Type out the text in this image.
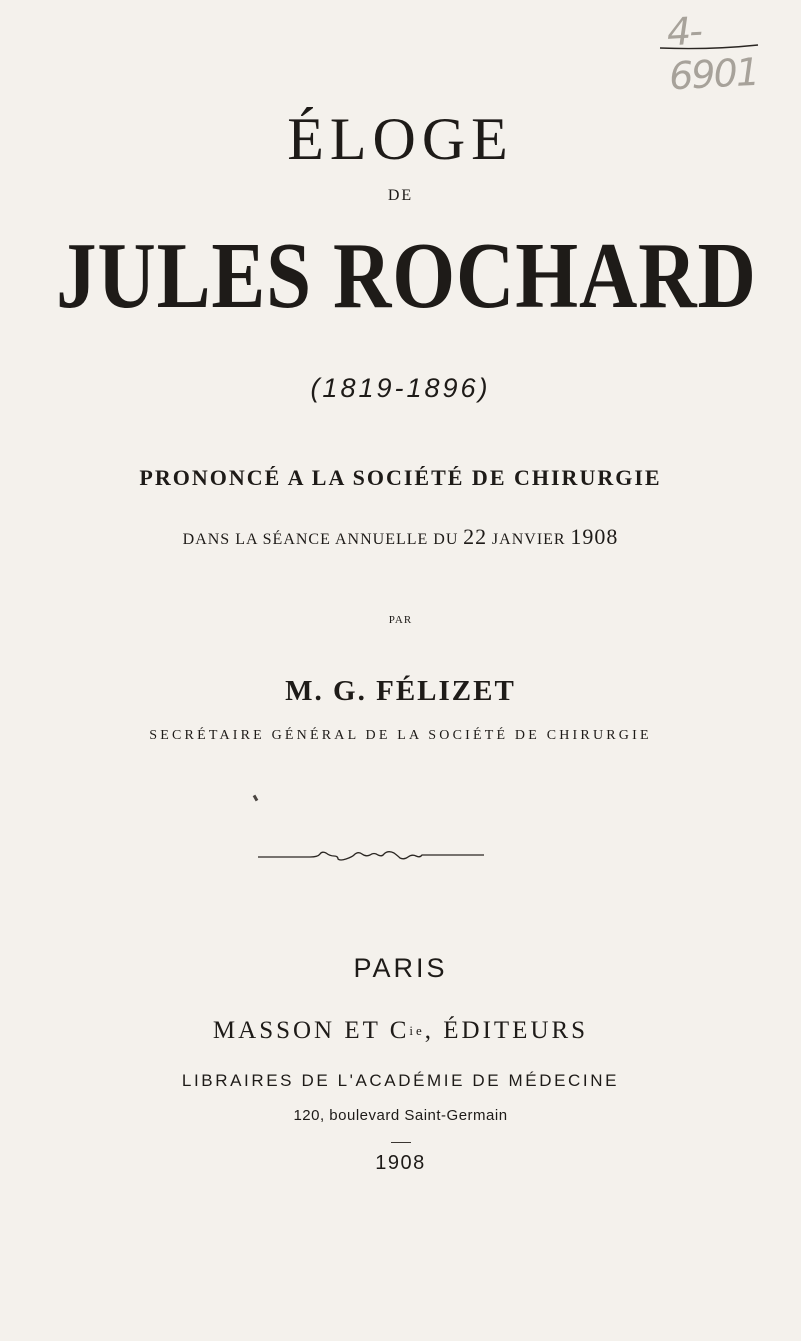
4-6901
ÉLOGE
DE
JULES ROCHARD
(1819-1896)
PRONONCÉ A LA SOCIÉTÉ DE CHIRURGIE
DANS LA SÉANCE ANNUELLE DU 22 JANVIER 1908
PAR
M. G. FÉLIZET
SECRÉTAIRE GÉNÉRAL DE LA SOCIÉTÉ DE CHIRURGIE
PARIS
MASSON ET $C^{ie}$, ÉDITEURS
LIBRAIRES DE L'ACADÉMIE DE MÉDECINE
120, boulevard Saint-Germain
1908
